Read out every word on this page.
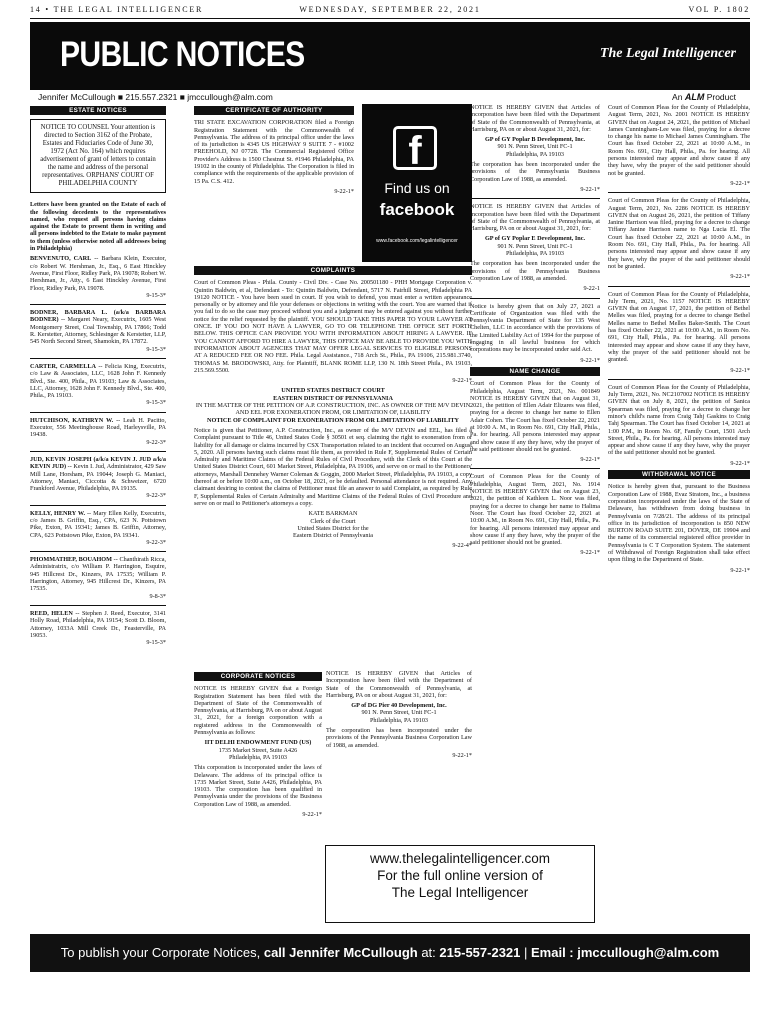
14 • THE LEGAL INTELLIGENCER	WEDNESDAY, SEPTEMBER 22, 2021	VOL P. 1802
PUBLIC NOTICES	The Legal Intelligencer
Jennifer McCullough ■ 215.557.2321 ■ jmccullough@alm.com	An ALM Product
ESTATE NOTICES
NOTICE TO COUNSEL Your attention is directed to Section 3162 of the Probate, Estates and Fiduciaries Code of June 30, 1972 (Act No. 164) which requires advertisement of grant of letters to contain the name and address of the personal representatives. ORPHANS' COURT OF PHILADELPHIA COUNTY

Letters have been granted on the Estate of each of the following decedents to the representatives named, who request all persons having claims against the Estate to present them in writing and all persons indebted to the Estate to make payment to them (unless otherwise noted all addresses being in Philadelphia)

BENVENUTO, CARL -- Barbara Klein, Executor, c/o Robert W. Hershman, Jr., Esq., 6 East Hinckley Avenue, First Floor, Ridley Park, PA 19078; Robert W. Hershman, Jr., Atty., 6 East Hinckley Avenue, First Floor, Ridley Park, PA 19078.

9-15-3*

BODNER, BARBARA L. (a/k/a BARBARA BODNER) -- Margaret Neary, Executrix, 1605 West Montgomery Street, Coal Township, PA 17866; Todd R. Kerstetter, Attorney, Schlesinger & Kerstetter, LLP, 545 North Second Street, Shamokin, PA 17872.

9-15-3*

CARTER, CARMELLA -- Felicia King, Executrix, c/o Law & Associates, LLC, 1628 John F. Kennedy Blvd., Ste. 400, Phila., PA 19103; Law & Associates, LLC, Attorney, 1628 John F. Kennedy Blvd., Ste. 400, Phila., PA 19103.

9-15-3*

HUTCHISON, KATHRYN W. -- Leah H. Pacitto, Executor, 556 Meetinghouse Road, Harleysville, PA 19438.

9-22-3*

JUD, KEVIN JOSEPH (a/k/a KEVIN J. JUD a/k/a KEVIN JUD) -- Kevin I. Jud, Administrator, 429 Saw Mill Lane, Horsham, PA 19044; Joseph G. Maniaci, Attorney, Maniaci, Ciccotta & Schweizer, 6720 Frankford Avenue, Philadelphia, PA 19135.

9-22-3*

KELLY, HENRY W. -- Mary Ellen Kelly, Executrix, c/o James B. Griffin, Esq., CPA, 623 N. Pottstown Pike, Exton, PA 19341; James B. Griffin, Attorney, CPA, 623 Pottstown Pike, Exton, PA 19341.

9-22-3*

PHOMMATHEP, BOUAHOM -- Chanthirath Ricca, Administratrix, c/o William P. Harrington, Esquire, 945 Hillcrest Dr., Kinzers, PA 17535; William P. Harrington, Attorney, 945 Hillcrest Dr., Kinzers, PA 17535.

9-8-3*

REED, HELEN -- Stephen J. Reed, Executor, 3141 Holly Road, Philadelphia, PA 19154; Scott D. Bloom, Attorney, 1033A Mill Creek Dr., Feasterville, PA 19053.

9-15-3*

CERTIFICATE OF AUTHORITY

TRI STATE EXCAVATION CORPORATION filed a Foreign Registration Statement with the Commonwealth of Pennsylvania. The address of its principal office under the laws of its jurisdiction is 4345 US HIGHWAY 9 SUITE 7 - #1002 FREEHOLD, NJ 07728. The Commercial Registered Office Provider's Address is 1500 Chestnut St. #1946 Philadelphia, PA 19102 in the county of Philadelphia. The Corporation is filed in compliance with the requirements of the applicable provision of 15 Pa. C.S. 412.

9-22-1*

f
Find us on
facebook
www.facebook.com/legalintelligencer
COMPLAINTS

Court of Common Pleas - Phila. County - Civil Div. - Case No. 200501180 - PHH Mortgage Corporation v. Quintin Baldwin, et al, Defendant - To: Quintin Baldwin, Defendant, 5717 N. Fairhill Street, Philadelphia PA 19120 NOTICE - You have been sued in court. If you wish to defend, you must enter a written appearance personally or by attorney and file your defenses or objections in writing with the court. You are warned that if you fail to do so the case may proceed without you and a judgment may be entered against you without further notice for the relief requested by the plaintiff. YOU SHOULD TAKE THIS PAPER TO YOUR LAWYER AT ONCE. IF YOU DO NOT HAVE A LAWYER, GO TO OR TELEPHONE THE OFFICE SET FORTH BELOW. THIS OFFICE CAN PROVIDE YOU WITH INFORMATION ABOUT HIRING A LAWYER. IF YOU CANNOT AFFORD TO HIRE A LAWYER, THIS OFFICE MAY BE ABLE TO PROVIDE YOU WITH INFORMATION ABOUT AGENCIES THAT MAY OFFER LEGAL SERVICES TO ELIGIBLE PERSONS AT A REDUCED FEE OR NO FEE. Phila. Legal Assistance., 718 Arch St., Phila., PA 19106, 215.981.3740, THOMAS M. BRODOWSKI, Atty. for Plaintiff, BLANK ROME LLP, 130 N. 18th Street Phila., PA 19103, 215.569.5500.

9-22-1*

UNITED STATES DISTRICT COURT

EASTERN DISTRICT OF PENNSYLVANIA

IN THE MATTER OF THE PETITION OF A.P. CONSTRUCTION, INC. AS OWNER OF THE M/V DEVIN AND EEL FOR EXONERATION FROM, OR LIMITATION OF, LIABILITY

NOTICE OF COMPLAINT FOR EXONERATION FROM OR LIMITATION OF LIABILITY

Notice is given that Petitioner, A.P. Construction, Inc., as owner of the M/V DEVIN and EEL, has filed a Complaint pursuant to Title 46, United States Code § 30501 et seq. claiming the right to exoneration from or liability for all damage or claims incurred by CSX Transportation related to an incident that occurred on August 5, 2020. All persons having such claims must file them, as provided in Rule F, Supplemental Rules of Certain Admiralty and Maritime Claims of the Federal Rules of Civil Procedure, with the Clerk of this Court at the United States District Court, 601 Market Street, Philadelphia, PA 19106, and serve on or mail to the Petitioners' attorneys, Marshall Dennehey Warner Coleman & Goggin, 2000 Market Street, Philadelphia, PA 19103, a copy thereof at or before 10:00 a.m., on October 18, 2021, or be defaulted. Personal attendance is not required. Any claimant desiring to contest the claims of Petitioner must file an answer to said Complaint, as required by Rule F, Supplemental Rules of Certain Admiralty and Maritime Claims of the Federal Rules of Civil Procedure and serve on or mail to Petitioner's attorneys a copy.

KATE BARKMAN

Clerk of the Court

United States District for the

Eastern District of Pennsylvania

9-22-4*

CORPORATE NOTICES

NOTICE IS HEREBY GIVEN that a Foreign Registration Statement has been filed with the Department of State of the Commonwealth of Pennsylvania, at Harrisburg, PA on or about August 31, 2021, for a foreign corporation with a registered address in the Commonwealth of Pennsylvania as follows:

IIT DELHI ENDOWMENT FUND (US)

1735 Market Street, Suite A426

Philadelphia, PA 19103

This corporation is incorporated under the laws of Delaware. The address of its principal office is 1735 Market Street, Suite A426, Philadelphia, PA 19103. The corporation has been qualified in Pennsylvania under the provisions of the Business Corporation Law of 1988, as amended.

9-22-1*

NOTICE IS HEREBY GIVEN that Articles of Incorporation have been filed with the Department of State of the Commonwealth of Pennsylvania, at Harrisburg, PA on or about August 31, 2021, for:

GP of DG Pier 40 Development, Inc.

901 N. Penn Street, Unit FC-1

Philadelphia, PA 19103

The corporation has been incorporated under the provisions of the Pennsylvania Business Corporation Law of 1988, as amended.

9-22-1*

NOTICE IS HEREBY GIVEN that Articles of Incorporation have been filed with the Department of State of the Commonwealth of Pennsylvania, at Harrisburg, PA on or about August 31, 2021, for:

GP of GY Poplar B Development, Inc.

901 N. Penn Street, Unit FC-1

Philadelphia, PA 19103

The corporation has been incorporated under the provisions of the Pennsylvania Business Corporation Law of 1988, as amended.

9-22-1*

NOTICE IS HEREBY GIVEN that Articles of Incorporation have been filed with the Department of State of the Commonwealth of Pennsylvania, at Harrisburg, PA on or about August 31, 2021, for:

GP of GY Poplar E Development, Inc.

901 N. Penn Street, Unit FC-1

Philadelphia, PA 19103

The corporation has been incorporated under the provisions of the Pennsylvania Business Corporation Law of 1988, as amended.

9-22-1

Notice is hereby given that on July 27, 2021 a Certificate of Organization was filed with the Pennsylvania Department of State for 135 West Chelten, LLC in accordance with the provisions of the Limited Liability Act of 1994 for the purpose of engaging in all lawful business for which corporations may be incorporated under said Act.

9-22-1*

NAME CHANGE

Court of Common Pleas for the County of Philadelphia, August Term, 2021, No. 001849 NOTICE IS HEREBY GIVEN that on August 31, 2021, the petition of Ellen Adair Elizares was filed, praying for a decree to change her name to Ellen Adair Cohen. The Court has fixed October 22, 2021 at 10:00 A. M., in Room No. 691, City Hall, Phila., Pa. for hearing. All persons interested may appear and show cause if any they have, why the prayer of the said petitioner should not be granted.

9-22-1*

Court of Common Pleas for the County of Philadelphia, August Term, 2021, No. 1914 NOTICE IS HEREBY GIVEN that on August 23, 2021, the petition of Kathleen L. Noor was filed, praying for a decree to change her name to Halima Noor. The Court has fixed October 22, 2021 at 10:00 A.M., in Room No. 691, City Hall, Phila., Pa. for hearing. All persons interested may appear and show cause if any they have, why the prayer of the said petitioner should not be granted.

9-22-1*

Court of Common Pleas for the County of Philadelphia, August Term, 2021, No. 2001 NOTICE IS HEREBY GIVEN that on August 24, 2021, the petition of Michael James Cunningham-Lee was filed, praying for a decree to change his name to Michael James Cunningham. The Court has fixed October 22, 2021 at 10:00 A.M., in Room No. 691, City Hall, Phila., Pa. for hearing. All persons interested may appear and show cause if any they have, why the prayer of the said petitioner should not be granted.

9-22-1*

Court of Common Pleas for the County of Philadelphia, August Term, 2021, No. 2286 NOTICE IS HEREBY GIVEN that on August 26, 2021, the petition of Tiffany Janine Harrison was filed, praying for a decree to change Tiffany Janine Harrison name to Nga Lucia El. The Court has fixed October 22, 2021 at 10:00 A.M., in Room No. 691, City Hall, Phila., Pa. for hearing. All persons interested may appear and show cause if any they have, why the prayer of the said petitioner should not be granted.

9-22-1*

Court of Common Pleas for the County of Philadelphia, July Term, 2021, No. 1157 NOTICE IS HEREBY GIVEN that on August 17, 2021, the petition of Bethel Melles was filed, praying for a decree to change Bethel Melles name to Bethel Melles Baker-Smith. The Court has fixed October 22, 2021 at 10:00 A.M., in Room No. 691, City Hall, Phila., Pa. for hearing. All persons interested may appear and show cause if any they have, why the prayer of the said petitioner should not be granted.

9-22-1*

Court of Common Pleas for the County of Philadelphia, July Term, 2021, No. NC2107002 NOTICE IS HEREBY GIVEN that on July 8, 2021, the petition of Sanica Spearman was filed, praying for a decree to change her minor's child's name from Craig Tahj Gaskins to Craig Tahj Spearman. The Court has fixed October 14, 2021 at 1:00 P.M., in Room No. 6F, Family Court, 1501 Arch Street, Phila., Pa. for hearing. All persons interested may appear and show cause if any they have, why the prayer of the said petitioner should not be granted.

9-22-1*

WITHDRAWAL NOTICE

Notice is hereby given that, pursuant to the Business Corporation Law of 1988, Evaz Stratom, Inc., a business corporation incorporated under the laws of the State of Delaware, has withdrawn from doing business in Pennsylvania on 7/28/21. The address of its principal office in its jurisdiction of incorporation is 850 NEW BURTON ROAD SUITE 201, DOVER, DE 19904 and the name of its commercial registered office provider in Pennsylvania is C T Corporation System. The statement of Withdrawal of Foreign Registration shall take effect upon filing in the Department of State.

9-22-1*

www.thelegalintelligencer.com
For the full online version of
The Legal Intelligencer
To publish your Corporate Notices, call Jennifer McCullough at: 215-557-2321 | Email : jmccullough@alm.com
